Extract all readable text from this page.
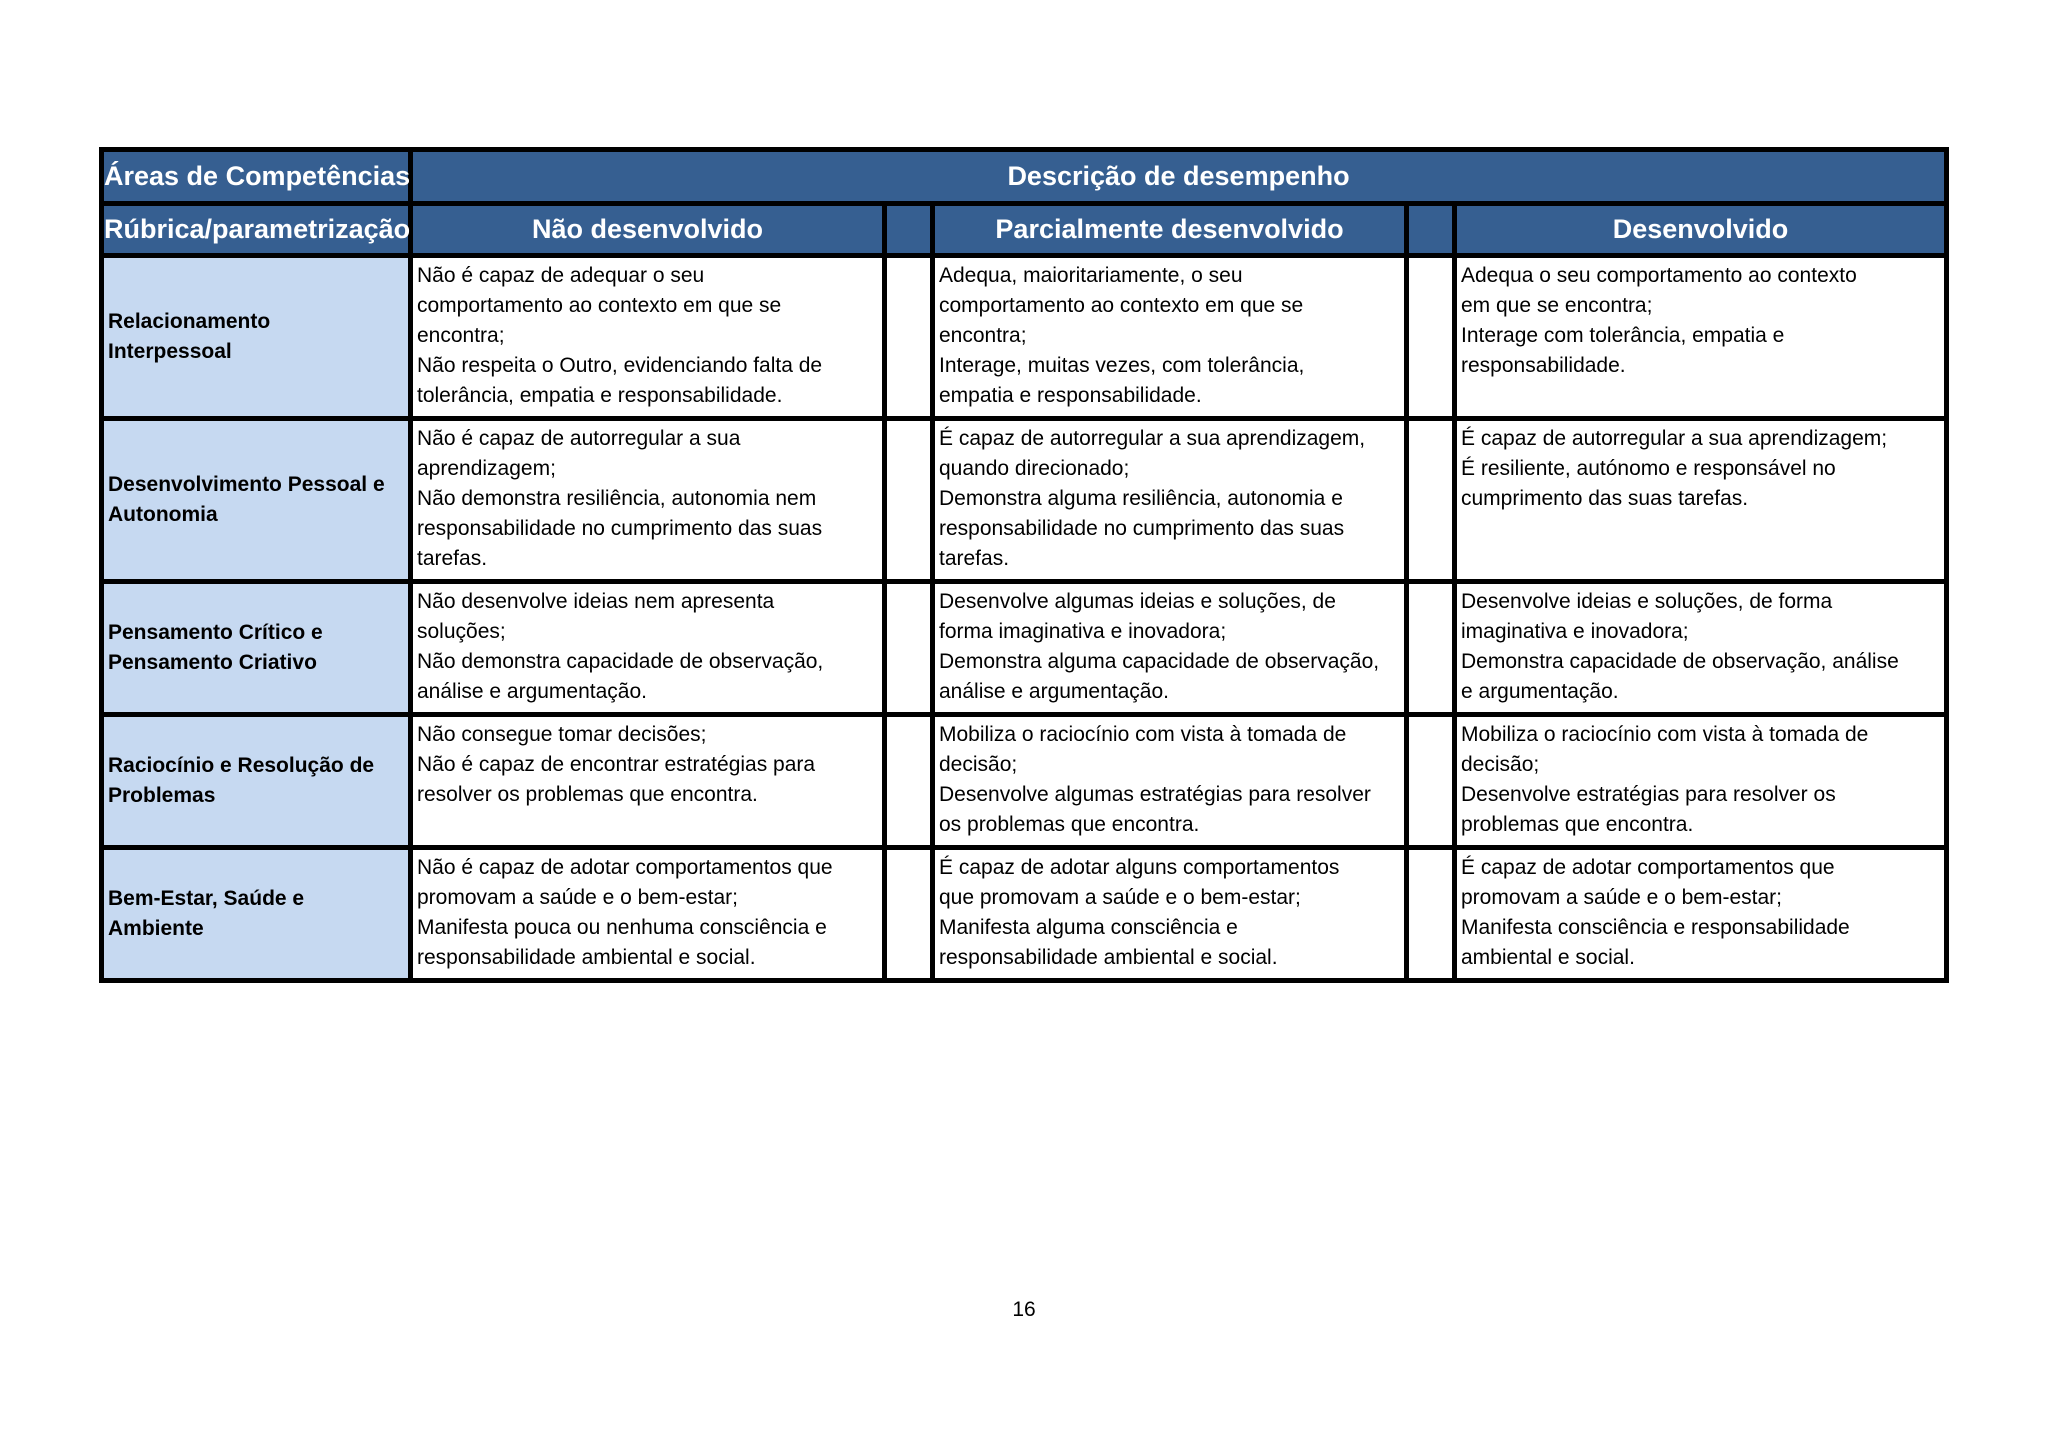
Áreas de Competências	Descrição de desempenho				
Rúbrica/parametrização	Não desenvolvido		Parcialmente desenvolvido		Desenvolvido
Relacionamento
Interpessoal	Não é capaz de adequar o seu
comportamento ao contexto em que se
encontra;
Não respeita o Outro, evidenciando falta de
tolerância, empatia e responsabilidade.		Adequa, maioritariamente, o seu
comportamento ao contexto em que se
encontra;
Interage, muitas vezes, com tolerância,
empatia e responsabilidade.		Adequa o seu comportamento ao contexto
em que se encontra;
Interage com tolerância, empatia e
responsabilidade.
Desenvolvimento Pessoal e
Autonomia	Não é capaz de autorregular a sua
aprendizagem;
Não demonstra resiliência, autonomia nem
responsabilidade no cumprimento das suas
tarefas.		É capaz de autorregular a sua aprendizagem,
quando direcionado;
Demonstra alguma resiliência, autonomia e
responsabilidade no cumprimento das suas
tarefas.		É capaz de autorregular a sua aprendizagem;
É resiliente, autónomo e responsável no
cumprimento das suas tarefas.
Pensamento Crítico e
Pensamento Criativo	Não desenvolve ideias nem apresenta
soluções;
Não demonstra capacidade de observação,
análise e argumentação.		Desenvolve algumas ideias e soluções, de
forma imaginativa e inovadora;
Demonstra alguma capacidade de observação,
análise e argumentação.		Desenvolve ideias e soluções, de forma
imaginativa e inovadora;
Demonstra capacidade de observação, análise
e argumentação.
Raciocínio e Resolução de
Problemas	Não consegue tomar decisões;
Não é capaz de encontrar estratégias para
resolver os problemas que encontra.		Mobiliza o raciocínio com vista à tomada de
decisão;
Desenvolve algumas estratégias para resolver
os problemas que encontra.		Mobiliza o raciocínio com vista à tomada de
decisão;
Desenvolve estratégias para resolver os
problemas que encontra.
Bem-Estar, Saúde e
Ambiente	Não é capaz de adotar comportamentos que
promovam a saúde e o bem-estar;
Manifesta pouca ou nenhuma consciência e
responsabilidade ambiental e social.		É capaz de adotar alguns comportamentos
que promovam a saúde e o bem-estar;
Manifesta alguma consciência e
responsabilidade ambiental e social.		É capaz de adotar comportamentos que
promovam a saúde e o bem-estar;
Manifesta consciência e responsabilidade
ambiental e social.
16
